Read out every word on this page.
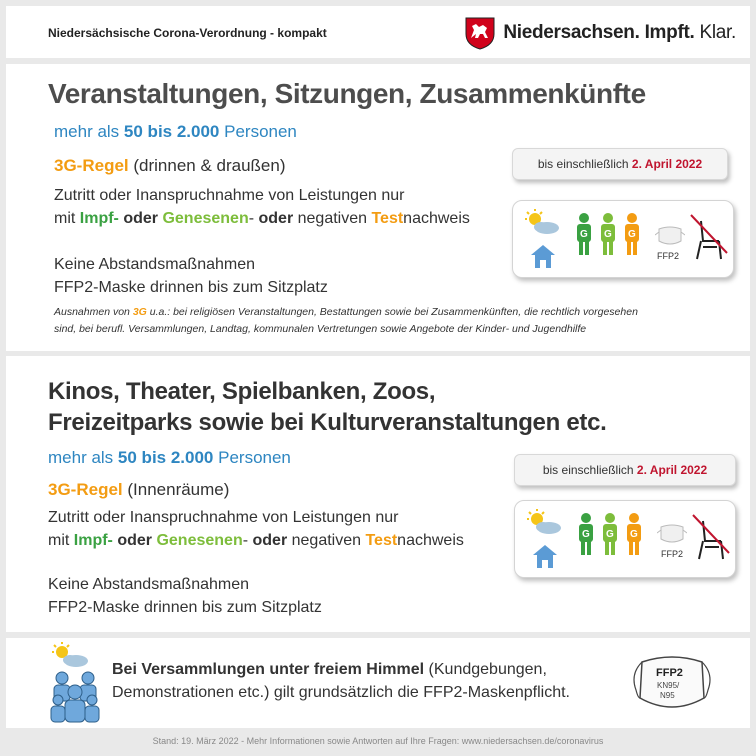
Niedersächsische Corona-Verordnung - kompakt	Niedersachsen. Impft. Klar.
Veranstaltungen, Sitzungen, Zusammenkünfte
mehr als 50 bis 2.000 Personen
3G-Regel (drinnen & draußen)
Zutritt oder Inanspruchnahme von Leistungen nur
mit Impf- oder Genesenen- oder negativen Testnachweis
Keine Abstandsmaßnahmen
FFP2-Maske drinnen bis zum Sitzplatz
Ausnahmen von 3G u.a.: bei religiösen Veranstaltungen, Bestattungen sowie bei Zusammenkünften, die rechtlich vorgesehen
sind, bei berufl. Versammlungen, Landtag, kommunalen Vertretungen sowie Angebote der Kinder- und Jugendhilfe
bis einschließlich 2. April 2022
G G G
FFP2
Kinos, Theater, Spielbanken, Zoos,
Freizeitparks sowie bei Kulturveranstaltungen etc.
mehr als 50 bis 2.000 Personen
3G-Regel (Innenräume)
Zutritt oder Inanspruchnahme von Leistungen nur
mit Impf- oder Genesenen- oder negativen Testnachweis
Keine Abstandsmaßnahmen
FFP2-Maske drinnen bis zum Sitzplatz
bis einschließlich 2. April 2022
G G G
FFP2
Bei Versammlungen unter freiem Himmel (Kundgebungen,
Demonstrationen etc.) gilt grundsätzlich die FFP2-Maskenpflicht.
FFP2
KN95/
N95
Stand: 19. März 2022 - Mehr Informationen sowie Antworten auf Ihre Fragen: www.niedersachsen.de/coronavirus
